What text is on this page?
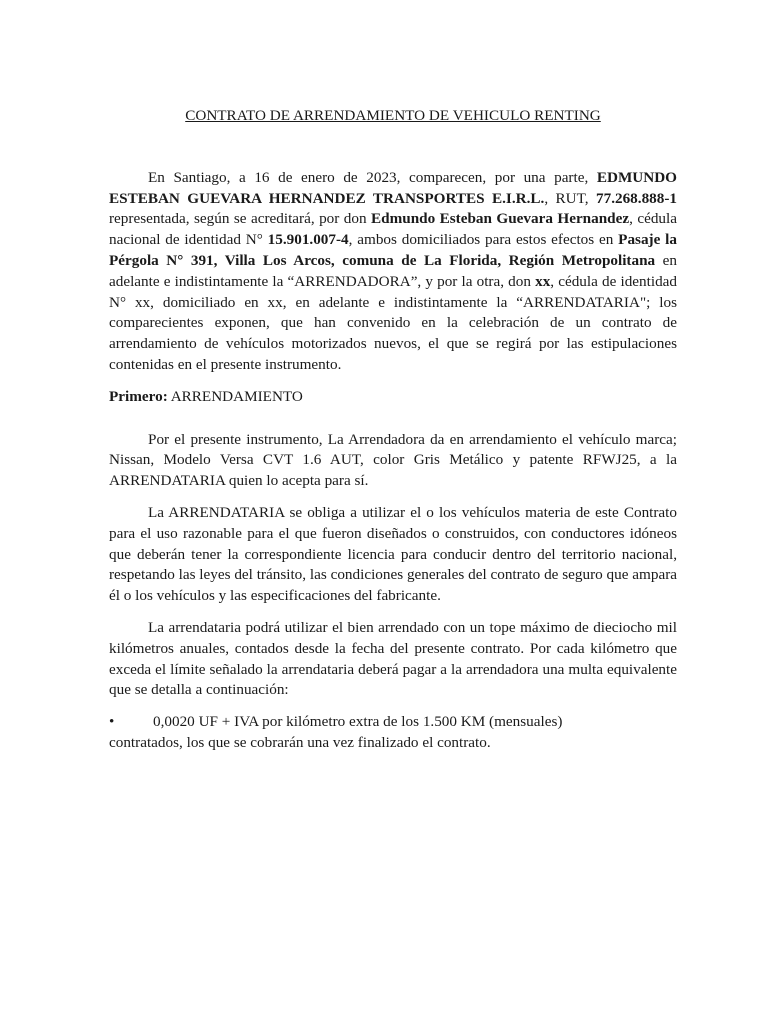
CONTRATO DE ARRENDAMIENTO DE VEHICULO RENTING

En Santiago, a 16 de enero de 2023, comparecen, por una parte, EDMUNDO ESTEBAN GUEVARA HERNANDEZ TRANSPORTES E.I.R.L., RUT, 77.268.888-1 representada, según se acreditará, por don Edmundo Esteban Guevara Hernandez, cédula nacional de identidad N° 15.901.007-4, ambos domiciliados para estos efectos en Pasaje la Pérgola N° 391, Villa Los Arcos, comuna de La Florida, Región Metropolitana en adelante e indistintamente la “ARRENDADORA”, y por la otra, don xx, cédula de identidad N° xx, domiciliado en xx, en adelante e indistintamente la “ARRENDATARIA"; los comparecientes exponen, que han convenido en la celebración de un contrato de arrendamiento de vehículos motorizados nuevos, el que se regirá por las estipulaciones contenidas en el presente instrumento.

Primero: ARRENDAMIENTO

Por el presente instrumento, La Arrendadora da en arrendamiento el vehículo marca; Nissan, Modelo Versa CVT 1.6 AUT, color Gris Metálico y patente RFWJ25, a la ARRENDATARIA quien lo acepta para sí.

La ARRENDATARIA se obliga a utilizar el o los vehículos materia de este Contrato para el uso razonable para el que fueron diseñados o construidos, con conductores idóneos que deberán tener la correspondiente licencia para conducir dentro del territorio nacional, respetando las leyes del tránsito, las condiciones generales del contrato de seguro que ampara él o los vehículos y las especificaciones del fabricante.

La arrendataria podrá utilizar el bien arrendado con un tope máximo de dieciocho mil kilómetros anuales, contados desde la fecha del presente contrato. Por cada kilómetro que exceda el límite señalado la arrendataria deberá pagar a la arrendadora una multa equivalente que se detalla a continuación:

•	0,0020 UF + IVA por kilómetro extra de los 1.500 KM (mensuales)
contratados, los que se cobrarán una vez finalizado el contrato.
